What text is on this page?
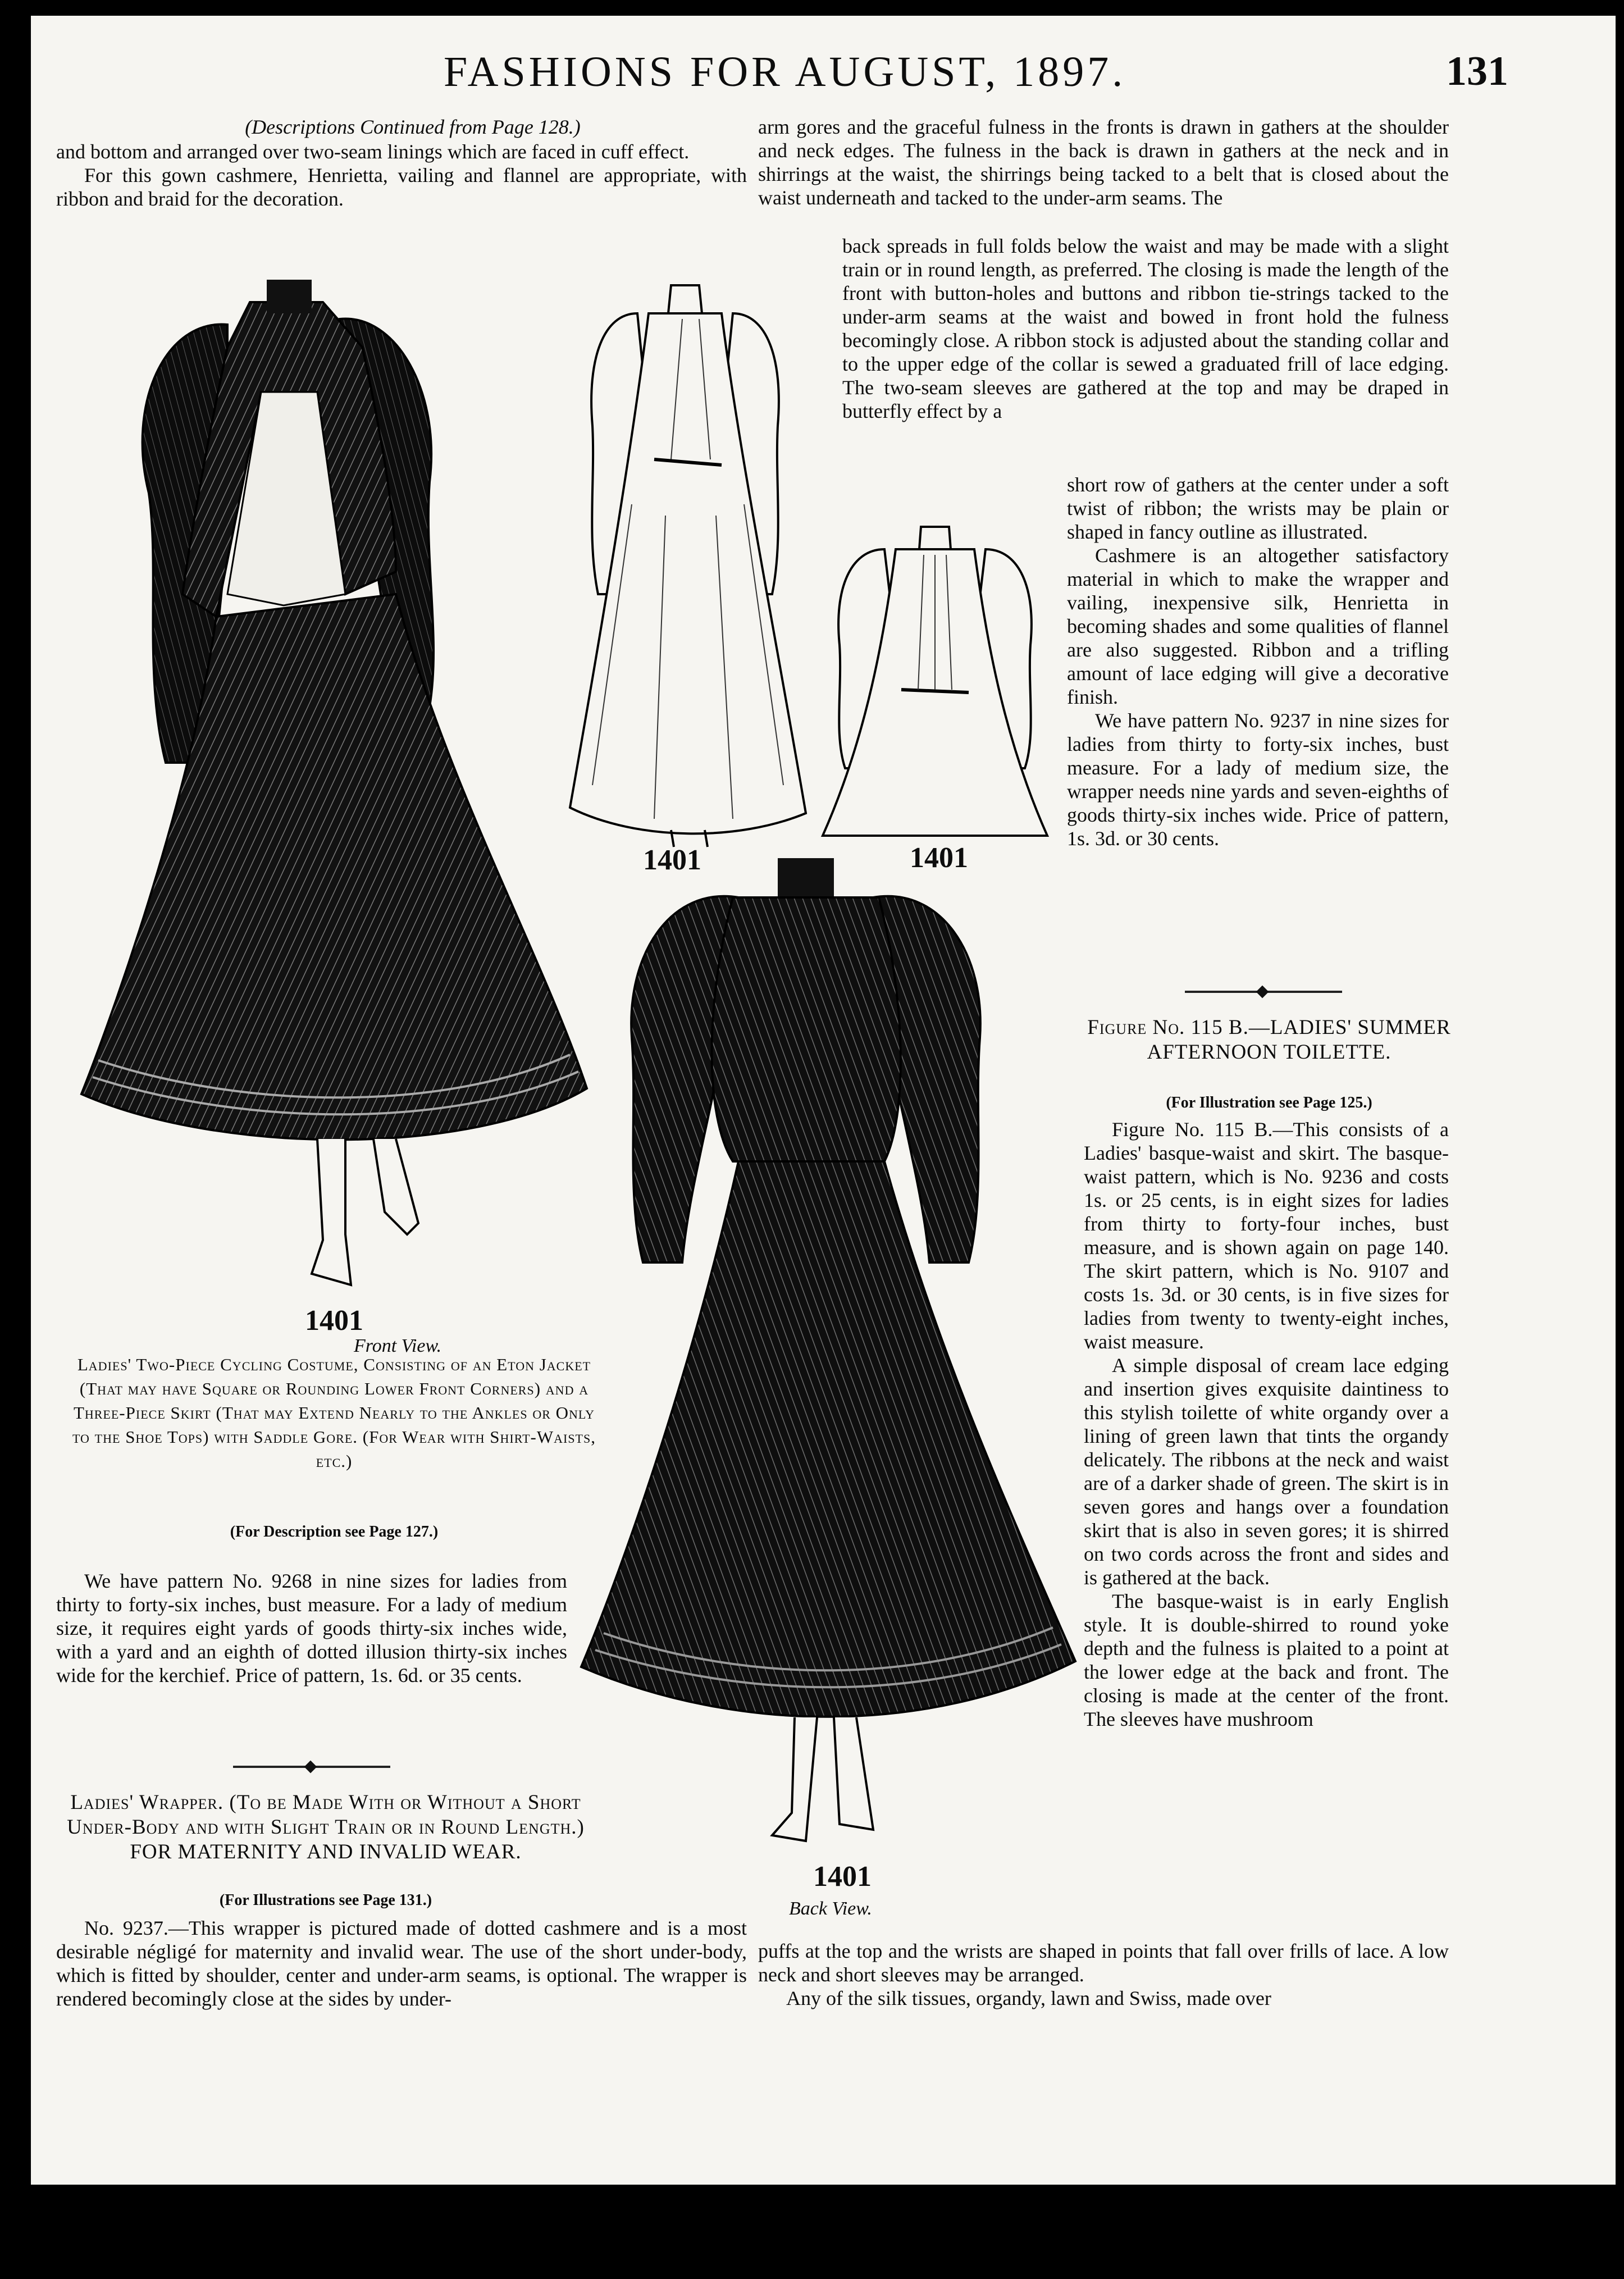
FASHIONS FOR AUGUST, 1897.	131
(Descriptions Continued from Page 128.)

and bottom and arranged over two-seam linings which are faced in cuff effect.

For this gown cashmere, Henrietta, vailing and flannel are appropriate, with ribbon and braid for the decoration.

arm gores and the graceful fulness in the fronts is drawn in gathers at the shoulder and neck edges. The fulness in the back is drawn in gathers at the neck and in shirrings at the waist, the shirrings being tacked to a belt that is closed about the waist underneath and tacked to the under-arm seams. The

back spreads in full folds below the waist and may be made with a slight train or in round length, as preferred. The closing is made the length of the front with button-holes and buttons and ribbon tie-strings tacked to the under-arm seams at the waist and bowed in front hold the fulness becomingly close. A ribbon stock is adjusted about the standing collar and to the upper edge of the collar is sewed a graduated frill of lace edging. The two-seam sleeves are gathered at the top and may be draped in butterfly effect by a

short row of gathers at the center under a soft twist of ribbon; the wrists may be plain or shaped in fancy outline as illustrated.

Cashmere is an altogether satisfactory material in which to make the wrapper and vailing, inexpensive silk, Henrietta in becoming shades and some qualities of flannel are also suggested. Ribbon and a trifling amount of lace edging will give a decorative finish.

We have pattern No. 9237 in nine sizes for ladies from thirty to forty-six inches, bust measure. For a lady of medium size, the wrapper needs nine yards and seven-eighths of goods thirty-six inches wide. Price of pattern, 1s. 3d. or 30 cents.

Figure No. 115 B.—LADIES' SUMMER AFTERNOON TOILETTE.
(For Illustration see Page 125.)

Figure No. 115 B.—This consists of a Ladies' basque-waist and skirt. The basque-waist pattern, which is No. 9236 and costs 1s. or 25 cents, is in eight sizes for ladies from thirty to forty-four inches, bust measure, and is shown again on page 140. The skirt pattern, which is No. 9107 and costs 1s. 3d. or 30 cents, is in five sizes for ladies from twenty to twenty-eight inches, waist measure.

A simple disposal of cream lace edging and insertion gives exquisite daintiness to this stylish toilette of white organdy over a lining of green lawn that tints the organdy delicately. The ribbons at the neck and waist are of a darker shade of green. The skirt is in seven gores and hangs over a foundation skirt that is also in seven gores; it is shirred on two cords across the front and sides and is gathered at the back.

The basque-waist is in early English style. It is double-shirred to round yoke depth and the fulness is plaited to a point at the lower edge at the back and front. The closing is made at the center of the front. The sleeves have mushroom

puffs at the top and the wrists are shaped in points that fall over frills of lace. A low neck and short sleeves may be arranged.

Any of the silk tissues, organdy, lawn and Swiss, made over

Ladies' Two-Piece Cycling Costume, Consisting of an Eton Jacket (That may have Square or Rounding Lower Front Corners) and a Three-Piece Skirt (That may Extend Nearly to the Ankles or Only to the Shoe Tops) with Saddle Gore. (For Wear with Shirt-Waists, etc.)
(For Description see Page 127.)

We have pattern No. 9268 in nine sizes for ladies from thirty to forty-six inches, bust measure. For a lady of medium size, it requires eight yards of goods thirty-six inches wide, with a yard and an eighth of dotted illusion thirty-six inches wide for the kerchief. Price of pattern, 1s. 6d. or 35 cents.

Ladies' Wrapper. (To be Made With or Without a Short Under-Body and with Slight Train or in Round Length.) FOR MATERNITY AND INVALID WEAR.
(For Illustrations see Page 131.)

No. 9237.—This wrapper is pictured made of dotted cashmere and is a most desirable négligé for maternity and invalid wear. The use of the short under-body, which is fitted by shoulder, center and under-arm seams, is optional. The wrapper is rendered becomingly close at the sides by under-

1401
Front View.
1401	1401
1401
Back View.
